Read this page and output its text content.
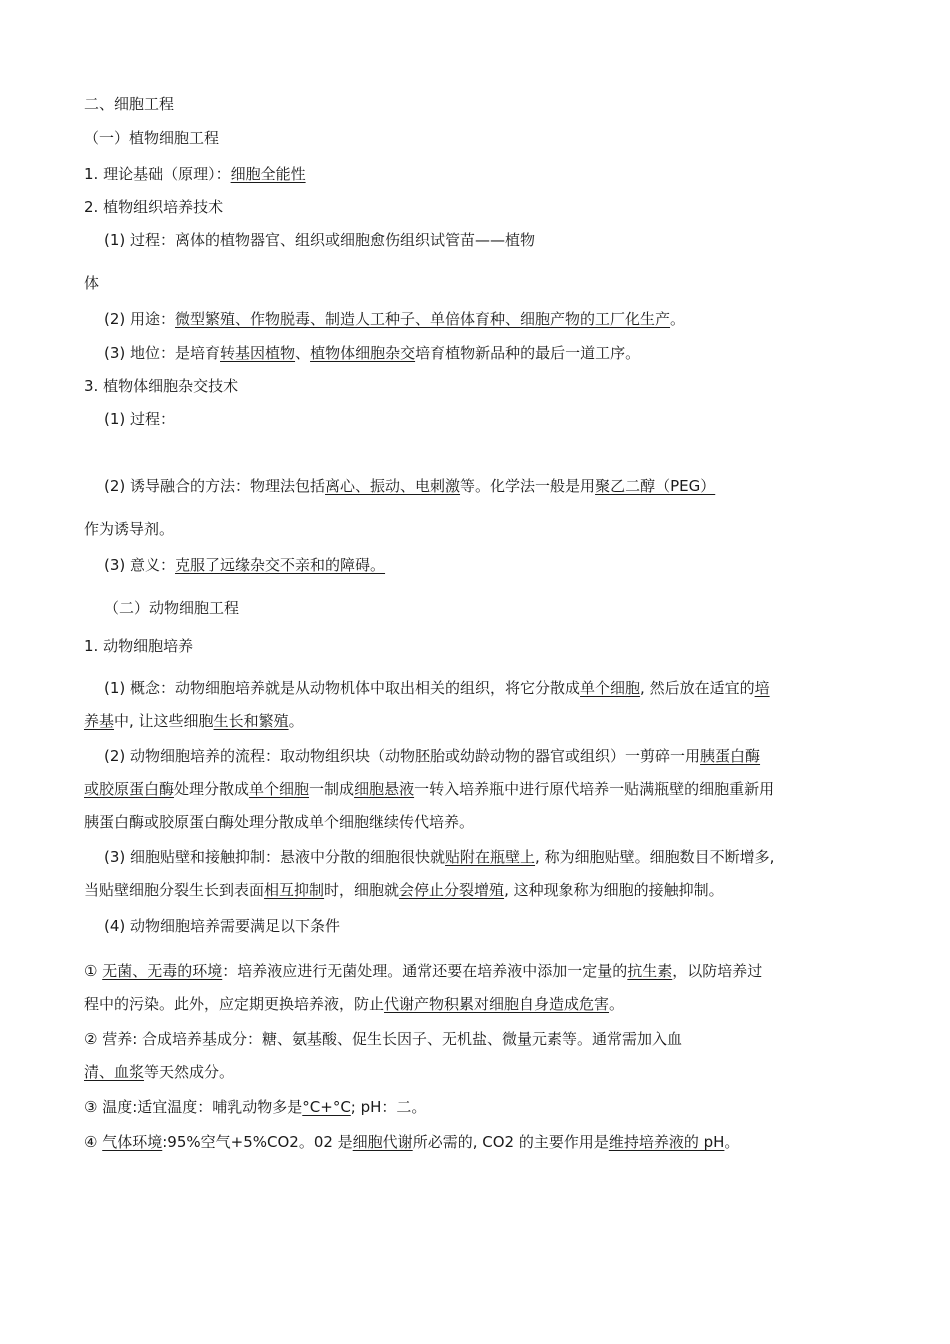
二、细胞工程
（一）植物细胞工程
1. 理论基础（原理）：细胞全能性
2. 植物组织培养技术
(1) 过程：离体的植物器官、组织或细胞愈伤组织试管苗——植物
体
(2) 用途：微型繁殖、作物脱毒、制造人工种子、单倍体育种、细胞产物的工厂化生产。
(3) 地位：是培育转基因植物、植物体细胞杂交培育植物新品种的最后一道工序。
3. 植物体细胞杂交技术
(1) 过程：
(2) 诱导融合的方法：物理法包括离心、振动、电刺激等。化学法一般是用聚乙二醇（PEG）
作为诱导剂。
(3) 意义：克服了远缘杂交不亲和的障碍。
（二）动物细胞工程
1. 动物细胞培养
(1) 概念：动物细胞培养就是从动物机体中取出相关的组织，将它分散成单个细胞, 然后放在适宜的培
养基中, 让这些细胞生长和繁殖。
(2) 动物细胞培养的流程：取动物组织块（动物胚胎或幼龄动物的器官或组织）一剪碎一用胰蛋白酶
或胶原蛋白酶处理分散成单个细胞一制成细胞悬液一转入培养瓶中进行原代培养一贴满瓶壁的细胞重新用
胰蛋白酶或胶原蛋白酶处理分散成单个细胞继续传代培养。
(3) 细胞贴壁和接触抑制：悬液中分散的细胞很快就贴附在瓶壁上, 称为细胞贴壁。细胞数目不断增多,
当贴壁细胞分裂生长到表面相互抑制时，细胞就会停止分裂增殖, 这种现象称为细胞的接触抑制。
(4) 动物细胞培养需要满足以下条件
① 无菌、无毒的环境：培养液应进行无菌处理。通常还要在培养液中添加一定量的抗生素，以防培养过
程中的污染。此外，应定期更换培养液，防止代谢产物积累对细胞自身造成危害。
② 营养: 合成培养基成分：糖、氨基酸、促生长因子、无机盐、微量元素等。通常需加入血
清、血浆等天然成分。
③ 温度:适宜温度：哺乳动物多是°C+°C; pH：二。
④ 气体环境:95%空气+5%CO2。02 是细胞代谢所必需的, CO2 的主要作用是维持培养液的 pH。
